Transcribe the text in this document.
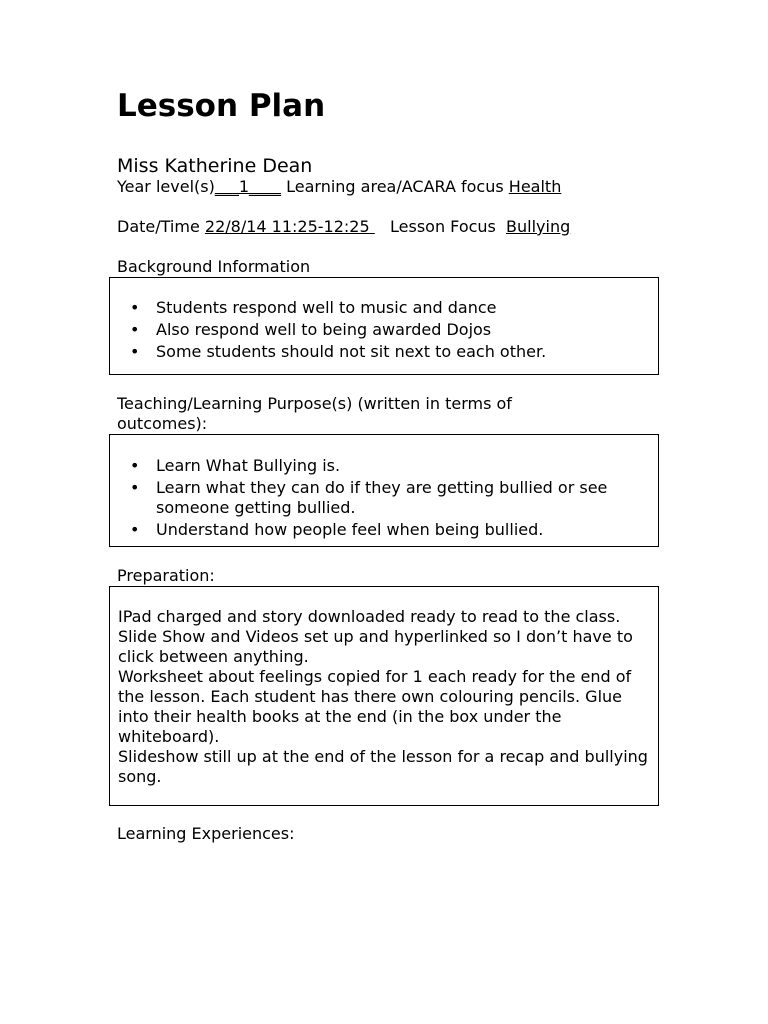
Lesson Plan
Miss Katherine Dean
Year level(s)___1____ Learning area/ACARA focus Health
Date/Time 22/8/14 11:25-12:25 Lesson Focus Bullying
Background Information
• Students respond well to music and dance
• Also respond well to being awarded Dojos
• Some students should not sit next to each other.
Teaching/Learning Purpose(s) (written in terms of
outcomes):
• Learn What Bullying is.
• Learn what they can do if they are getting bullied or see someone getting bullied.
• Understand how people feel when being bullied.
Preparation:
IPad charged and story downloaded ready to read to the class.
Slide Show and Videos set up and hyperlinked so I don’t have to click between anything.
Worksheet about feelings copied for 1 each ready for the end of the lesson. Each student has there own colouring pencils. Glue into their health books at the end (in the box under the whiteboard).
Slideshow still up at the end of the lesson for a recap and bullying song.
Learning Experiences:
